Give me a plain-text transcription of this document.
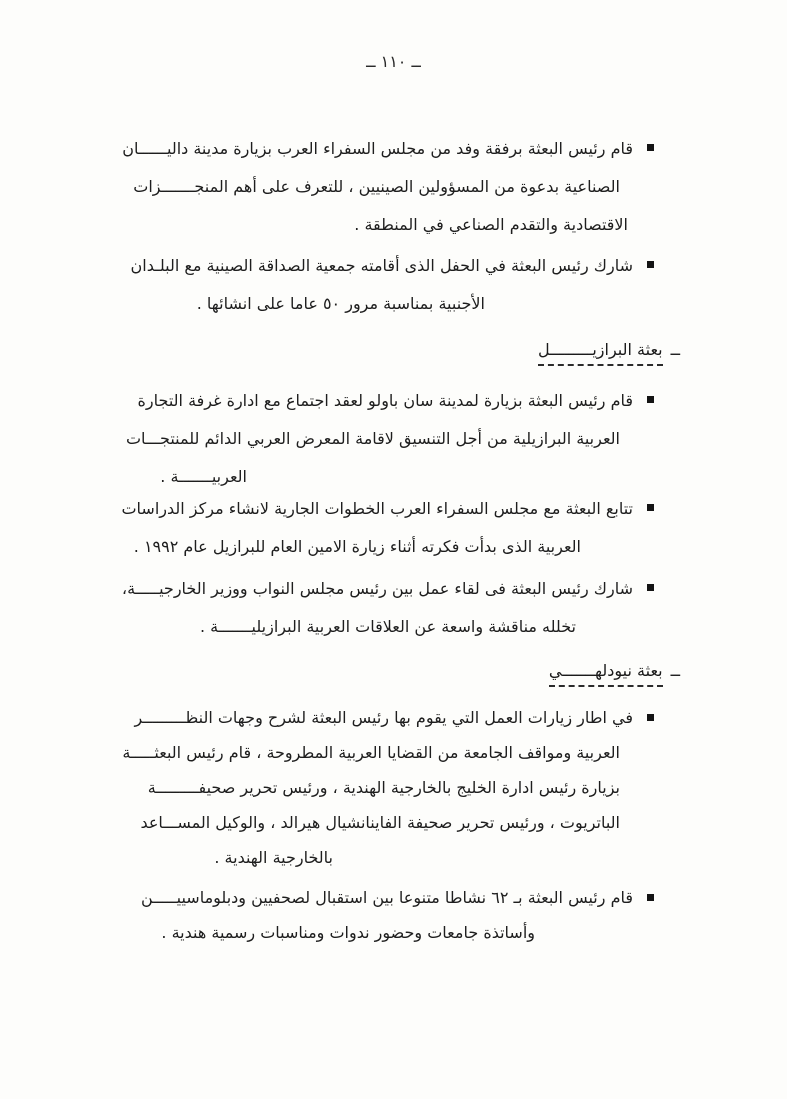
ــ ١١٠ ــ
قام رئيس البعثة برفقة وفد من مجلس السفراء العرب بزيارة مدينة داليــــــان
الصناعية بدعوة من المسؤولين الصينيين ، للتعرف على أهم المنجـــــــزات
الاقتصادية والتقدم الصناعي في المنطقة .
شارك رئيس البعثة في الحفل الذى أقامته جمعية الصداقة الصينية مع البلـدان
الأجنبية بمناسبة مرور ٥٠ عاما على انشائها .
ــبعثة البرازيـــــــــل
قام رئيس البعثة بزيارة لمدينة سان باولو لعقد اجتماع مع ادارة غرفة التجارة
العربية البرازيلية من أجل التنسيق لاقامة المعرض العربي الدائم للمنتجـــات
العربيـــــــة .
تتابع البعثة مع مجلس السفراء العرب الخطوات الجارية لانشاء مركز الدراسات
العربية الذى بدأت فكرته أثناء زيارة الامين العام للبرازيل عام ١٩٩٢ .
شارك رئيس البعثة فى لقاء عمل بين رئيس مجلس النواب ووزير الخارجيـــــة،
تخلله مناقشة واسعة عن العلاقات العربية البرازيليـــــــة .
ــبعثة نيودلهـــــــي
في اطار زيارات العمل التي يقوم بها رئيس البعثة لشرح وجهات النظـــــــــر
العربية ومواقف الجامعة من القضايا العربية المطروحة ، قام رئيس البعثـــــة
بزيارة رئيس ادارة الخليج بالخارجية الهندية ، ورئيس تحرير صحيفـــــــــة
الباتريوت ، ورئيس تحرير صحيفة الفاينانشيال هيرالد ، والوكيل المســـاعد
بالخارجية الهندية .
قام رئيس البعثة بـ ٦٢ نشاطا متنوعا بين استقبال لصحفيين ودبلوماسييـــــن
وأساتذة جامعات وحضور ندوات ومناسبات رسمية هندية .
